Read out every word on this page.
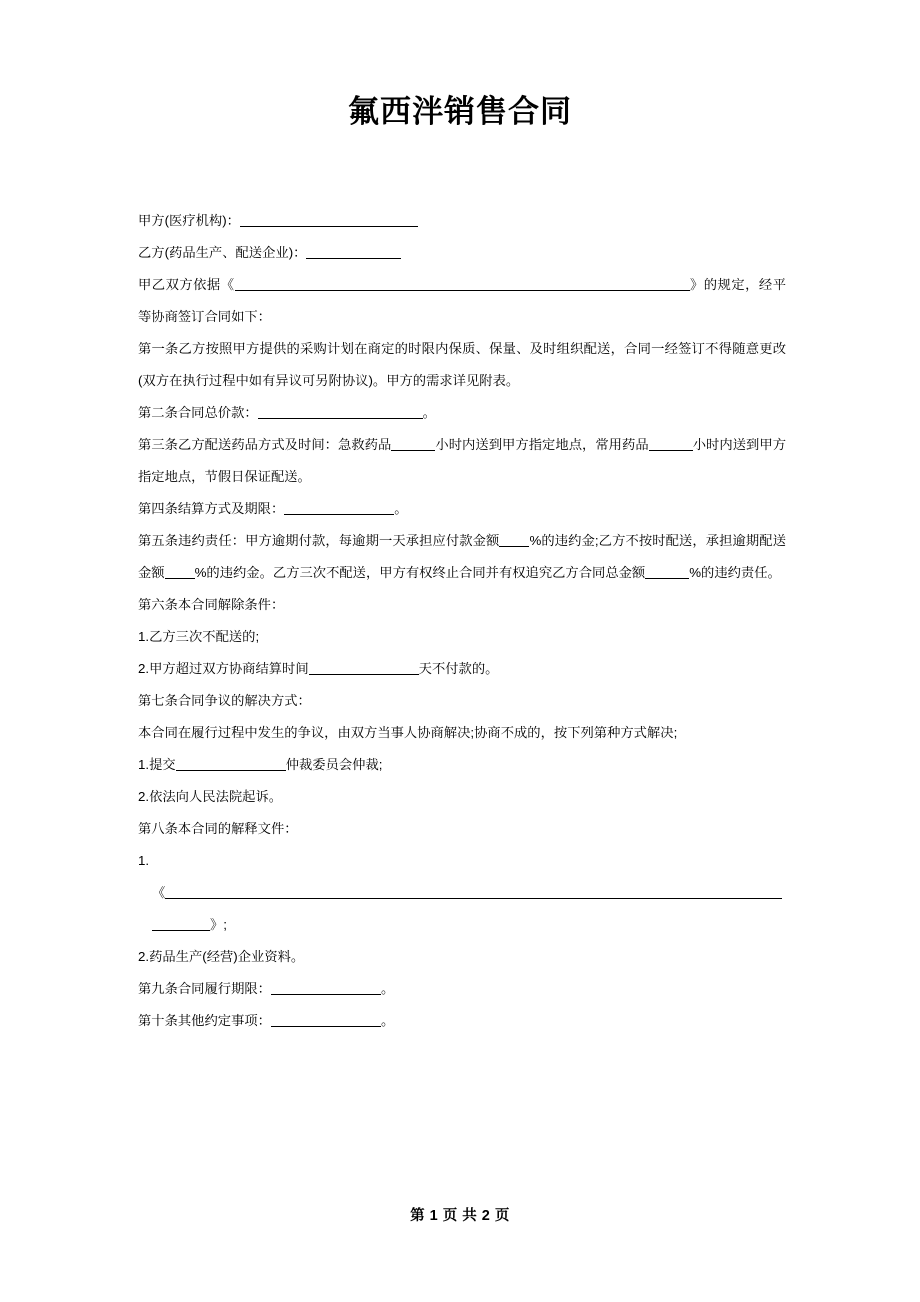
氟西泮销售合同

甲方(医疗机构)：

乙方(药品生产、配送企业)：

甲乙双方依据《	》的规定，经平等协商签订合同如下：

第一条乙方按照甲方提供的采购计划在商定的时限内保质、保量、及时组织配送，合同一经签订不得随意更改(双方在执行过程中如有异议可另附协议)。甲方的需求详见附表。

第二条合同总价款：	。

第三条乙方配送药品方式及时间：急救药品	小时内送到甲方指定地点，常用药品	小时内送到甲方指定地点，节假日保证配送。

第四条结算方式及期限：	。

第五条违约责任：甲方逾期付款，每逾期一天承担应付款金额 %的违约金;乙方不按时配送，承担逾期配送金额 %的违约金。乙方三次不配送，甲方有权终止合同并有权追究乙方合同总金额	%的违约责任。

第六条本合同解除条件：

1.乙方三次不配送的;

2.甲方超过双方协商结算时间	天不付款的。

第七条合同争议的解决方式：

本合同在履行过程中发生的争议，由双方当事人协商解决;协商不成的，按下列第种方式解决;

1.提交	仲裁委员会仲裁;

2.依法向人民法院起诉。

第八条本合同的解释文件：

1.

《

》;

2.药品生产(经营)企业资料。

第九条合同履行期限：	。

第十条其他约定事项：	。

第 1 页 共 2 页
